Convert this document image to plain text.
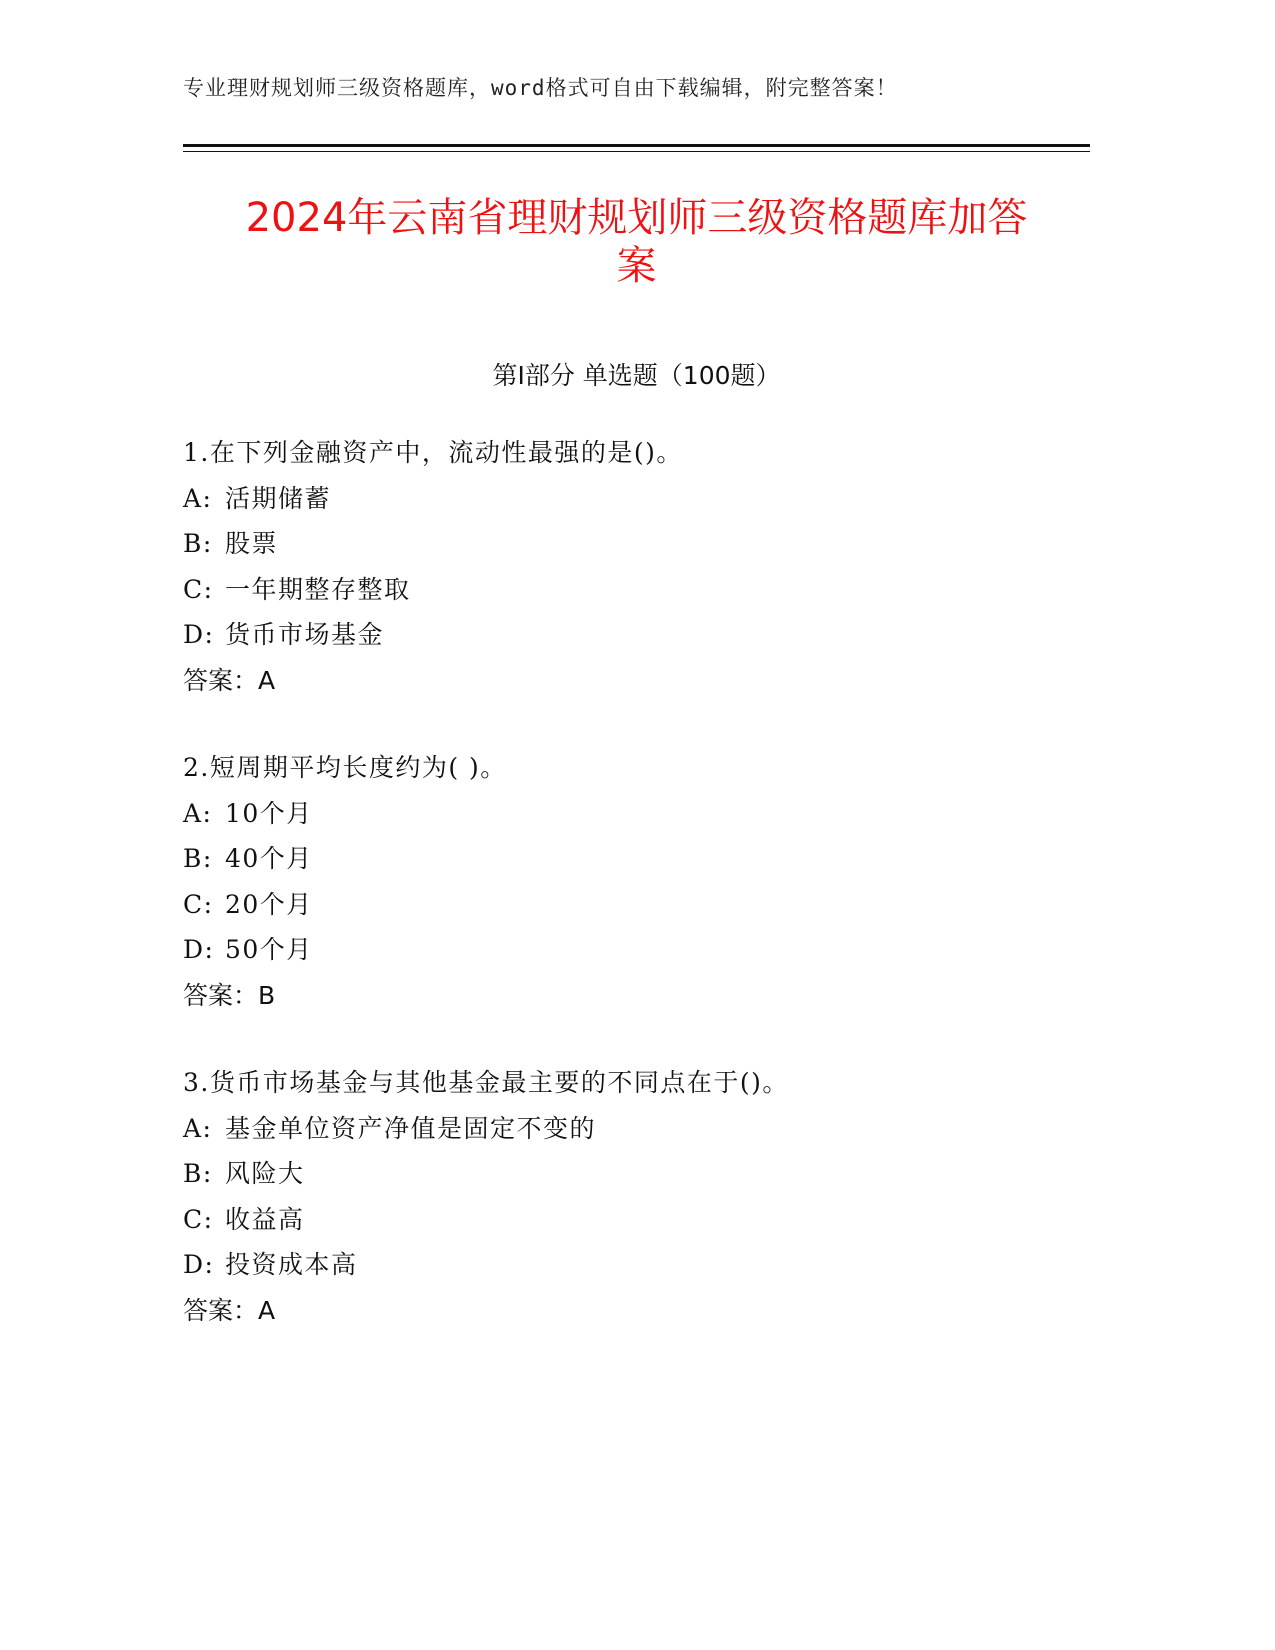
专业理财规划师三级资格题库，word格式可自由下载编辑，附完整答案！
2024年云南省理财规划师三级资格题库加答
案
第Ⅰ部分 单选题（100题）
1.在下列金融资产中，流动性最强的是()。
A: 活期储蓄
B: 股票
C: 一年期整存整取
D: 货币市场基金
答案：A
2.短周期平均长度约为( )。
A: 10个月
B: 40个月
C: 20个月
D: 50个月
答案：B
3.货币市场基金与其他基金最主要的不同点在于()。
A: 基金单位资产净值是固定不变的
B: 风险大
C: 收益高
D: 投资成本高
答案：A
